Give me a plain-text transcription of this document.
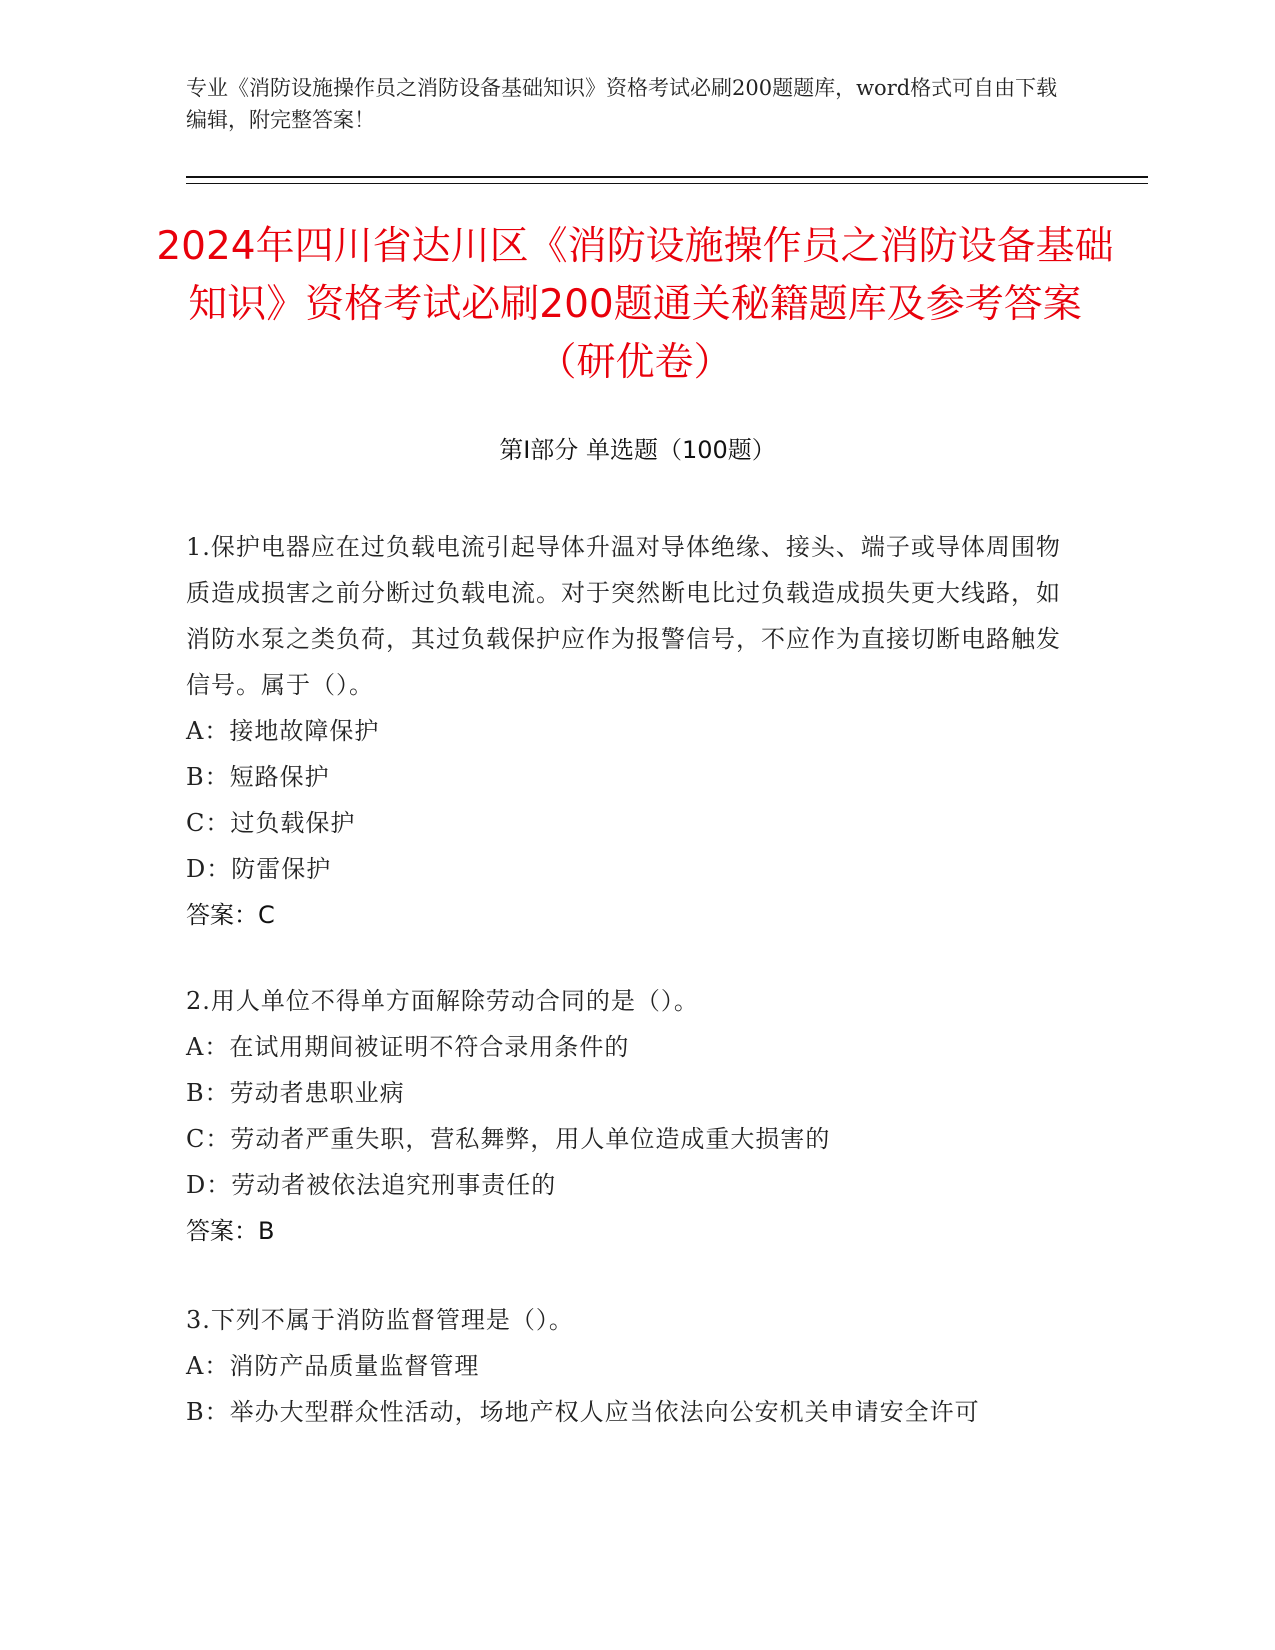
专业《消防设施操作员之消防设备基础知识》资格考试必刷200题题库，word格式可自由下载编辑，附完整答案！
2024年四川省达川区《消防设施操作员之消防设备基础知识》资格考试必刷200题通关秘籍题库及参考答案（研优卷）
第Ⅰ部分 单选题（100题）

1.保护电器应在过负载电流引起导体升温对导体绝缘、接头、端子或导体周围物质造成损害之前分断过负载电流。对于突然断电比过负载造成损失更大线路，如消防水泵之类负荷，其过负载保护应作为报警信号，不应作为直接切断电路触发信号。属于（）。

A：接地故障保护

B：短路保护

C：过负载保护

D：防雷保护

答案：C

2.用人单位不得单方面解除劳动合同的是（）。

A：在试用期间被证明不符合录用条件的

B：劳动者患职业病

C：劳动者严重失职，营私舞弊，用人单位造成重大损害的

D：劳动者被依法追究刑事责任的

答案：B

3.下列不属于消防监督管理是（）。

A：消防产品质量监督管理

B：举办大型群众性活动，场地产权人应当依法向公安机关申请安全许可
